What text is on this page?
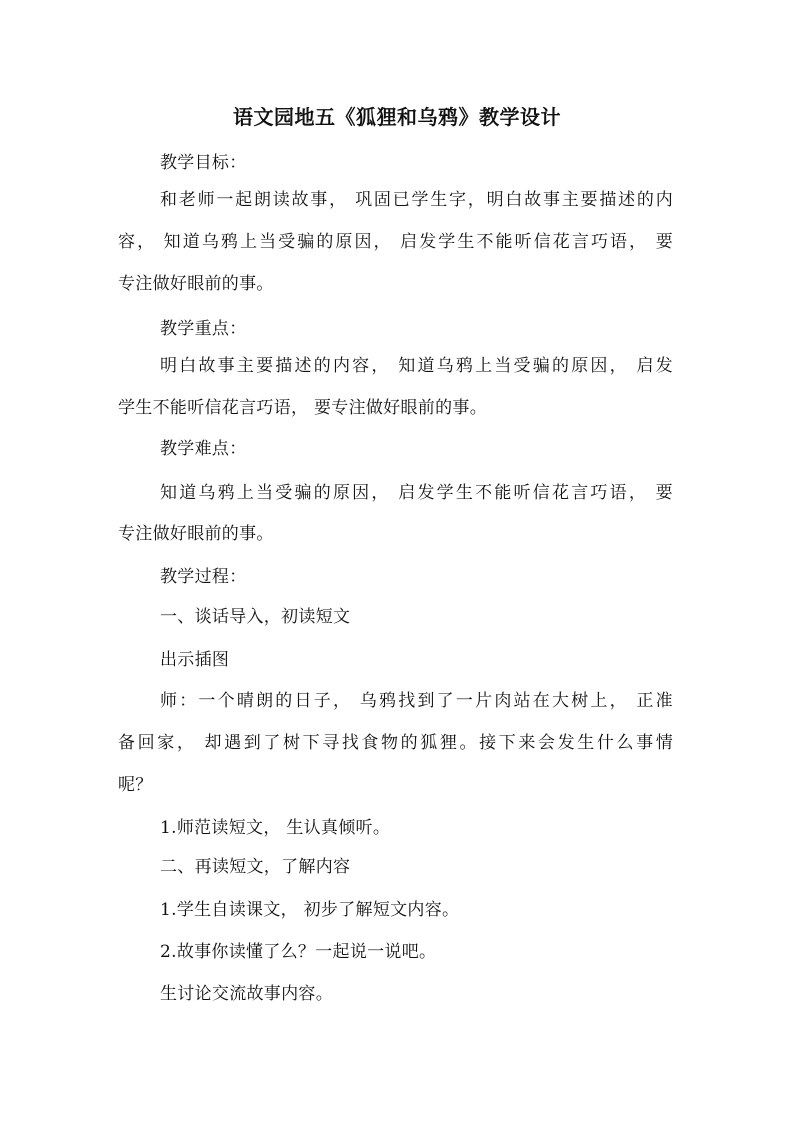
语文园地五《狐狸和乌鸦》教学设计
教学目标：
和老师一起朗读故事， 巩固已学生字，明白故事主要描述的内
容， 知道乌鸦上当受骗的原因， 启发学生不能听信花言巧语， 要
专注做好眼前的事。
教学重点：
明白故事主要描述的内容， 知道乌鸦上当受骗的原因， 启发
学生不能听信花言巧语， 要专注做好眼前的事。
教学难点：
知道乌鸦上当受骗的原因， 启发学生不能听信花言巧语， 要
专注做好眼前的事。
教学过程：
一、谈话导入，初读短文
出示插图
师：一个晴朗的日子， 乌鸦找到了一片肉站在大树上， 正准
备回家， 却遇到了树下寻找食物的狐狸。接下来会发生什么事情
呢？
1.师范读短文， 生认真倾听。
二、再读短文，了解内容
1.学生自读课文， 初步了解短文内容。
2.故事你读懂了么？一起说一说吧。
生讨论交流故事内容。
